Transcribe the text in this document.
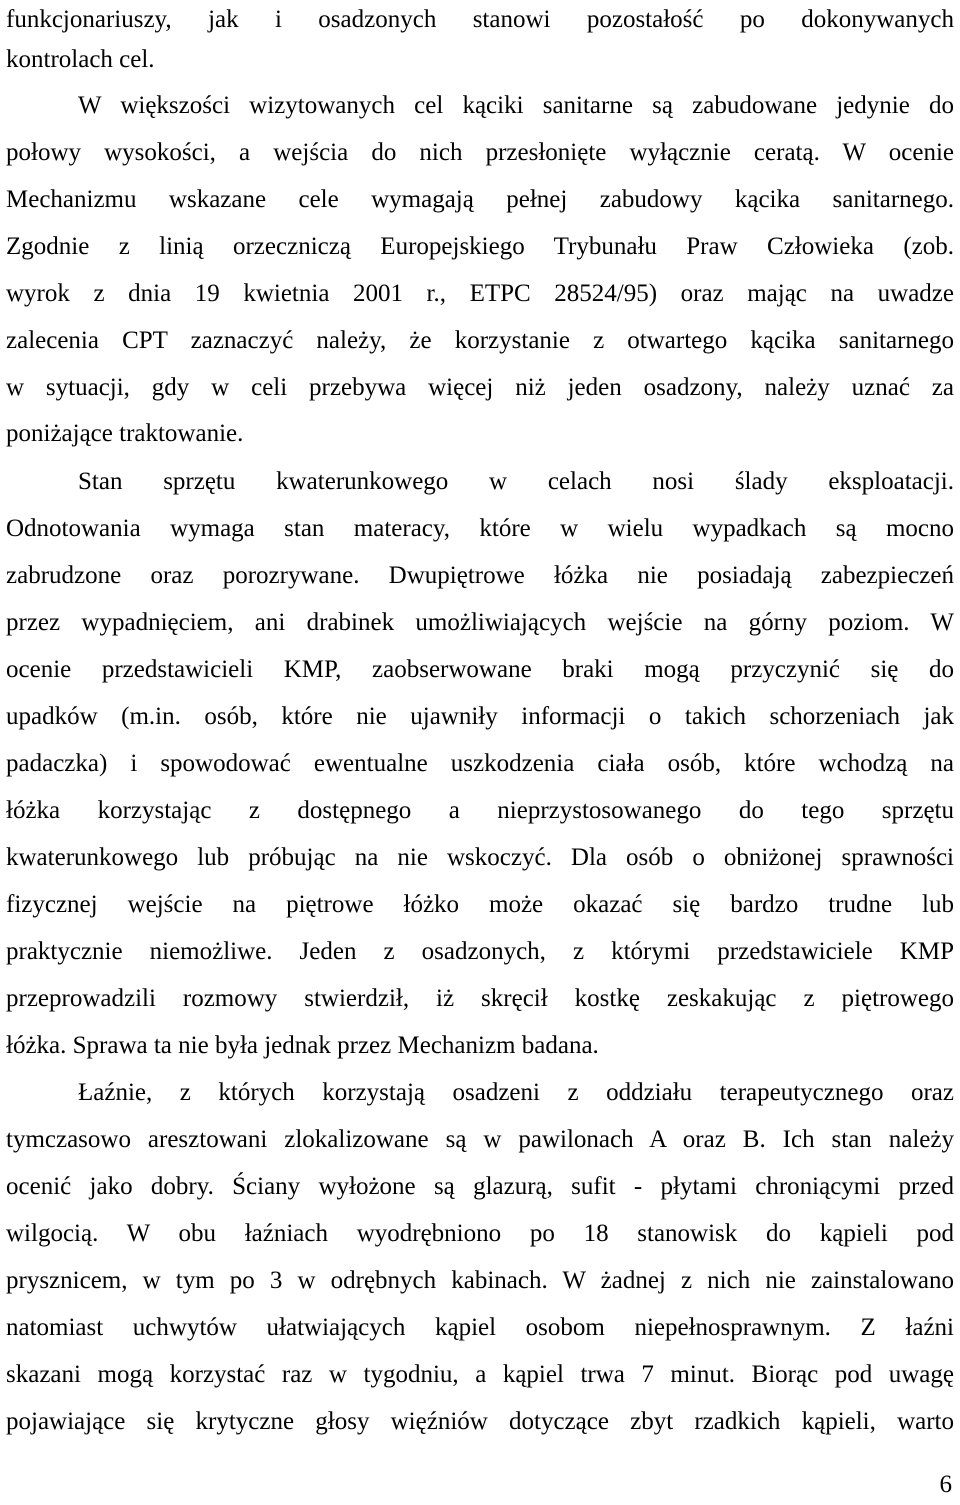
funkcjonariuszy, jak i osadzonych stanowi pozostałość po dokonywanych
kontrolach cel.
W większości wizytowanych cel kąciki sanitarne są zabudowane jedynie do
połowy wysokości, a wejścia do nich przesłonięte wyłącznie ceratą. W ocenie
Mechanizmu wskazane cele wymagają pełnej zabudowy kącika sanitarnego.
Zgodnie z linią orzeczniczą Europejskiego Trybunału Praw Człowieka (zob.
wyrok z dnia 19 kwietnia 2001 r., ETPC 28524/95) oraz mając na uwadze
zalecenia CPT zaznaczyć należy, że korzystanie z otwartego kącika sanitarnego
w sytuacji, gdy w celi przebywa więcej niż jeden osadzony, należy uznać za
poniżające traktowanie.
Stan sprzętu kwaterunkowego w celach nosi ślady eksploatacji.
Odnotowania wymaga stan materacy, które w wielu wypadkach są mocno
zabrudzone oraz porozrywane. Dwupiętrowe łóżka nie posiadają zabezpieczeń
przez wypadnięciem, ani drabinek umożliwiających wejście na górny poziom. W
ocenie przedstawicieli KMP, zaobserwowane braki mogą przyczynić się do
upadków (m.in. osób, które nie ujawniły informacji o takich schorzeniach jak
padaczka) i spowodować ewentualne uszkodzenia ciała osób, które wchodzą na
łóżka korzystając z dostępnego a nieprzystosowanego do tego sprzętu
kwaterunkowego lub próbując na nie wskoczyć. Dla osób o obniżonej sprawności
fizycznej wejście na piętrowe łóżko może okazać się bardzo trudne lub
praktycznie niemożliwe. Jeden z osadzonych, z którymi przedstawiciele KMP
przeprowadzili rozmowy stwierdził, iż skręcił kostkę zeskakując z piętrowego
łóżka. Sprawa ta nie była jednak przez Mechanizm badana.
Łaźnie, z których korzystają osadzeni z oddziału terapeutycznego oraz
tymczasowo aresztowani zlokalizowane są w pawilonach A oraz B. Ich stan należy
ocenić jako dobry. Ściany wyłożone są glazurą, sufit - płytami chroniącymi przed
wilgocią. W obu łaźniach wyodrębniono po 18 stanowisk do kąpieli pod
prysznicem, w tym po 3 w odrębnych kabinach. W żadnej z nich nie zainstalowano
natomiast uchwytów ułatwiających kąpiel osobom niepełnosprawnym. Z łaźni
skazani mogą korzystać raz w tygodniu, a kąpiel trwa 7 minut. Biorąc pod uwagę
pojawiające się krytyczne głosy więźniów dotyczące zbyt rzadkich kąpieli, warto
6
